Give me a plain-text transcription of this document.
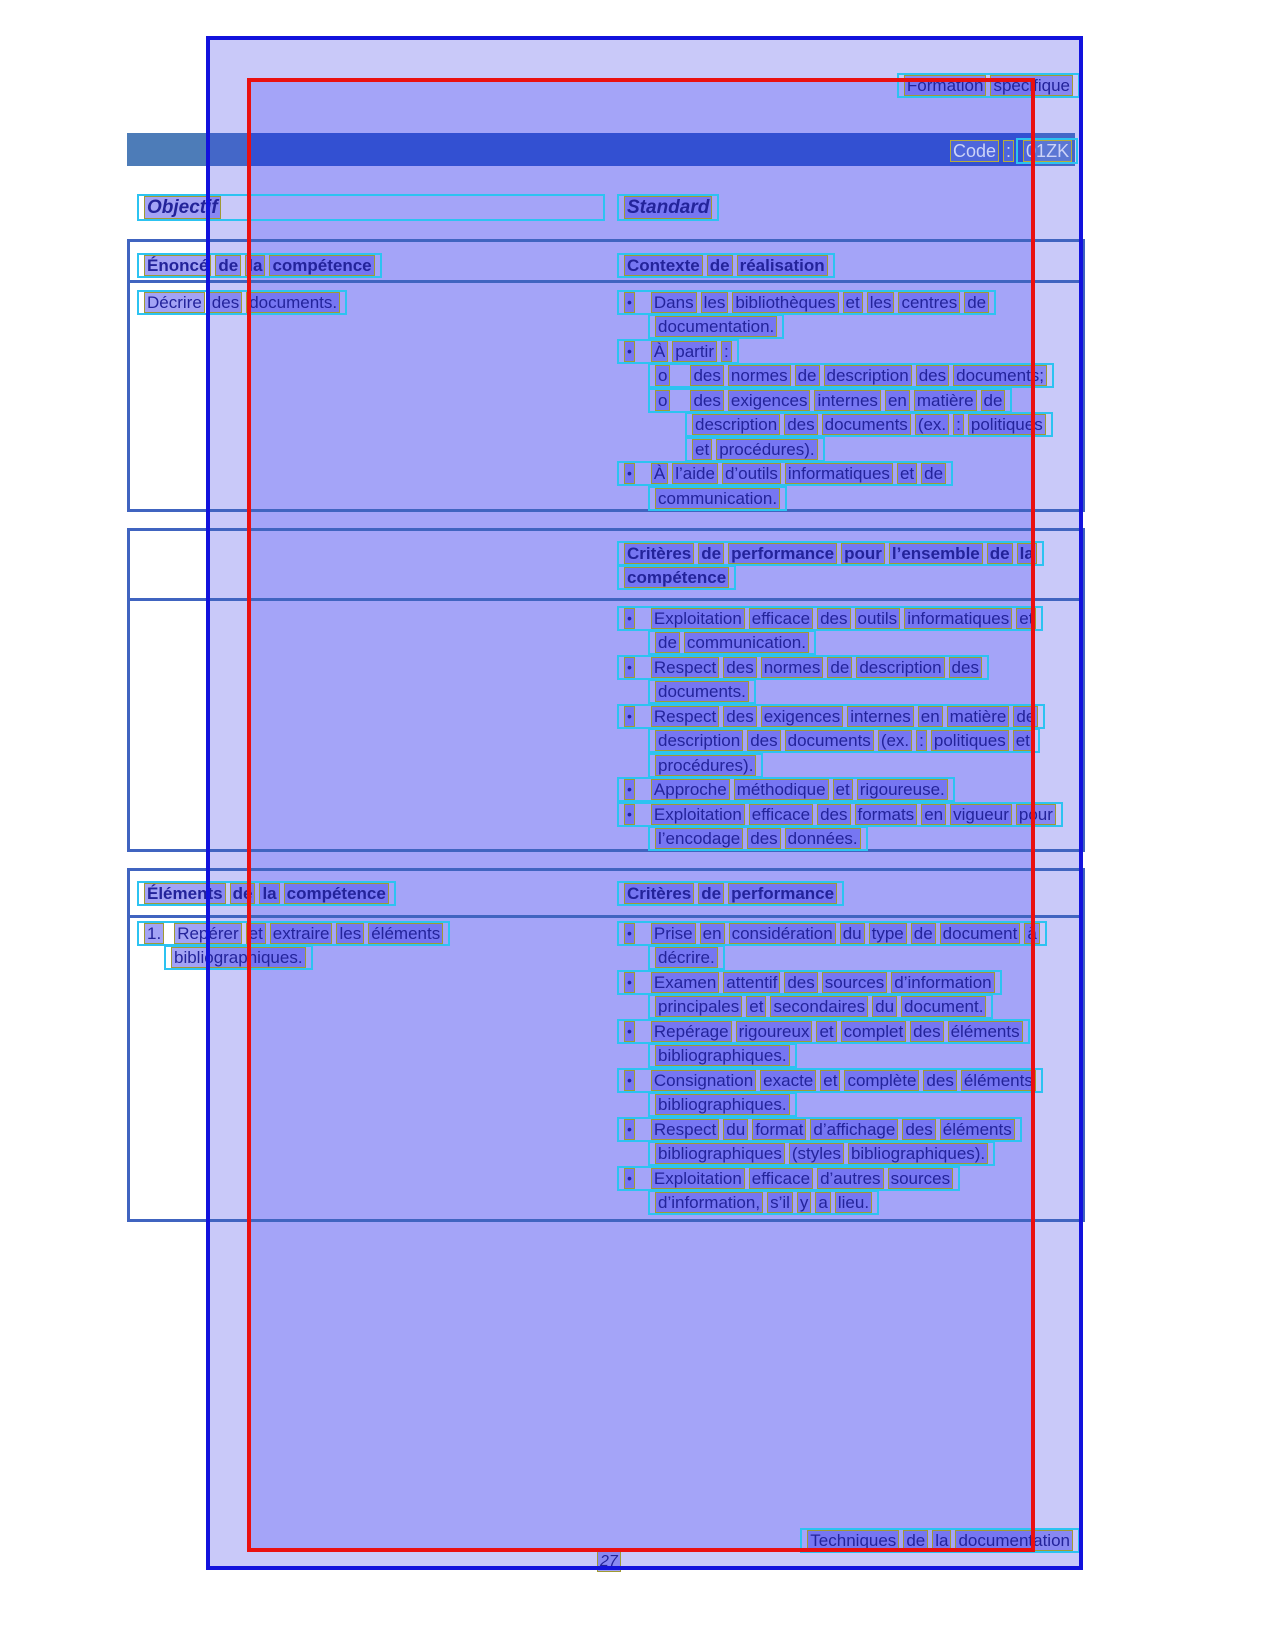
Formation spécifique
Code : 01ZK
Objectif	Standard
Énoncé de la compétence	Contexte de réalisation
Décrire des documents.	• Dans les bibliothèques et les centres de
documentation.
• À partir :
o des normes de description des documents;
o des exigences internes en matière de
description des documents (ex. : politiques
et procédures).
• À l’aide d’outils informatiques et de
communication.
Critères de performance pour l’ensemble de la
compétence
• Exploitation efficace des outils informatiques et
de communication.
• Respect des normes de description des
documents.
• Respect des exigences internes en matière de
description des documents (ex. : politiques et
procédures).
• Approche méthodique et rigoureuse.
• Exploitation efficace des formats en vigueur pour
l’encodage des données.
Éléments de la compétence	Critères de performance
1. Repérer et extraire les éléments
bibliographiques.
• Prise en considération du type de document à
décrire.
• Examen attentif des sources d’information
principales et secondaires du document.
• Repérage rigoureux et complet des éléments
bibliographiques.
• Consignation exacte et complète des éléments
bibliographiques.
• Respect du format d’affichage des éléments
bibliographiques (styles bibliographiques).
• Exploitation efficace d’autres sources
d’information, s’il y a lieu.
Techniques de la documentation
27
